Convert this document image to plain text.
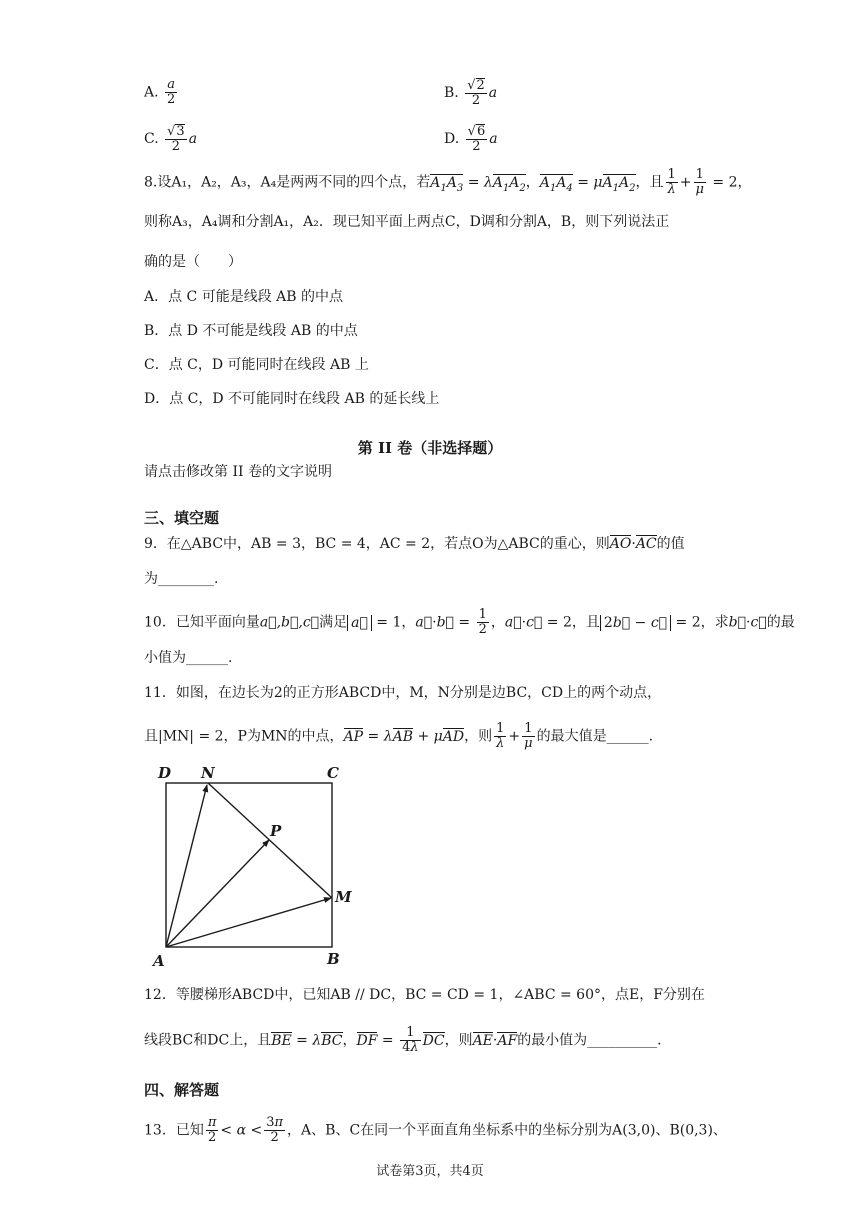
A. $\frac{a}{2}$	B. $\frac{√2}{2}$ a
C. $\frac{√3}{2}$ a	D. $\frac{√6}{2}$ a
8.设A₁，A₂，A₃，A₄是两两不同的四个点，若$A_1A_3 = \lambda A_1A_2$，$A_1A_4 = \mu A_1A_2$，且 $\frac{1}{\lambda} + \frac{1}{\mu} = 2$，
则称A₃，A₄调和分割A₁，A₂．现已知平面上两点C，D调和分割A，B，则下列说法正
确的是（　　）
A．点 C 可能是线段 AB 的中点
B．点 D 不可能是线段 AB 的中点
C．点 C，D 可能同时在线段 AB 上
D．点 C，D 不可能同时在线段 AB 的延长线上
第 II 卷（非选择题）
请点击修改第 II 卷的文字说明
三、填空题
9．在△ABC中，AB = 3，BC = 4，AC = 2，若点O为△ABC的重心，则AO·AC的值
为________.
10．已知平面向量a⃗,b⃗,c⃗满足 a⃗ = 1，a⃗·b⃗ = $\frac{1}{2}$ ，a⃗·c⃗ = 2，且 2b⃗ − c⃗ = 2，求b⃗·c⃗的最
小值为______.
11．如图，在边长为2的正方形ABCD中，M，N分别是边BC，CD上的两个动点，
且|MN| = 2，P为MN的中点，AP = λAB + μAD，则 $\frac{1}{\lambda} + \frac{1}{\mu}$ 的最大值是______.
D N	C
P
M
A	B
12．等腰梯形ABCD中，已知AB // DC，BC = CD = 1，∠ABC = 60°，点E，F分别在
线段BC和DC上，且BE = λBC，DF = $\frac{1}{4\lambda}$ DC，则AE·AF的最小值为__________.
四、解答题
13．已知 $\frac{\pi}{2} < \alpha < \frac{3\pi}{2}$ ，A、B、C在同一个平面直角坐标系中的坐标分别为A(3,0)、B(0,3)、
试卷第3页，共4页
